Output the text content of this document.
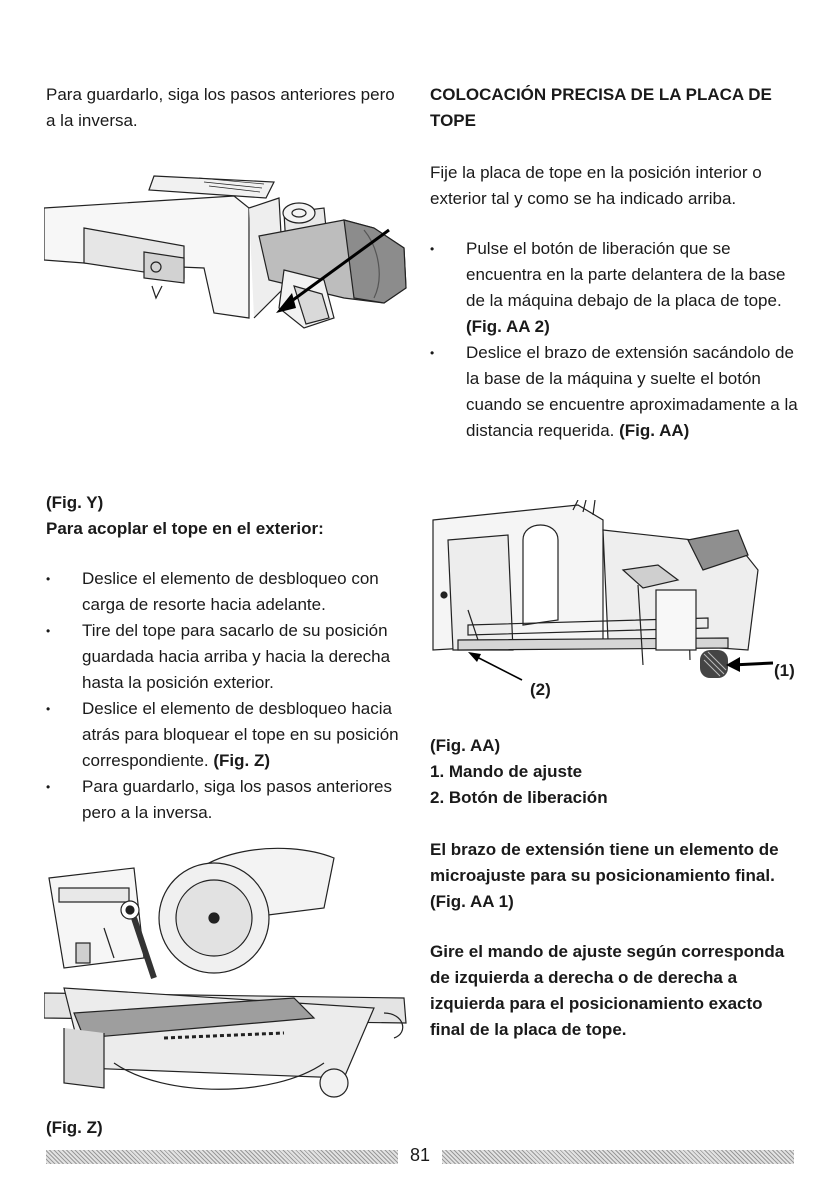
Para guardarlo, siga los pasos anteriores pero a la inversa.

(Fig. Y)

Para acoplar el tope en el exterior:

• Deslice el elemento de desbloqueo con carga de resorte hacia adelante.
• Tire del tope para sacarlo de su posición guardada hacia arriba y hacia la derecha hasta la posición exterior.
• Deslice el elemento de desbloqueo hacia atrás para bloquear el tope en su posición correspondiente. (Fig. Z)
• Para guardarlo, siga los pasos anteriores pero a la inversa.

(Fig. Z)

COLOCACIÓN PRECISA DE LA PLACA DE TOPE

Fije la placa de tope en la posición interior o exterior tal y como se ha indicado arriba.

• Pulse el botón de liberación que se encuentra en la parte delantera de la base de la máquina debajo de la placa de tope. (Fig. AA 2)
• Deslice el brazo de extensión sacándolo de la base de la máquina y suelte el botón cuando se encuentre aproximadamente a la distancia requerida. (Fig. AA)

(1)

(2)

(Fig. AA)

1. Mando de ajuste

2. Botón de liberación

El brazo de extensión tiene un elemento de microajuste para su posicionamiento final. (Fig. AA 1)

Gire el mando de ajuste según corresponda de izquierda a derecha o de derecha a izquierda para el posicionamiento exacto final de la placa de tope.

81
